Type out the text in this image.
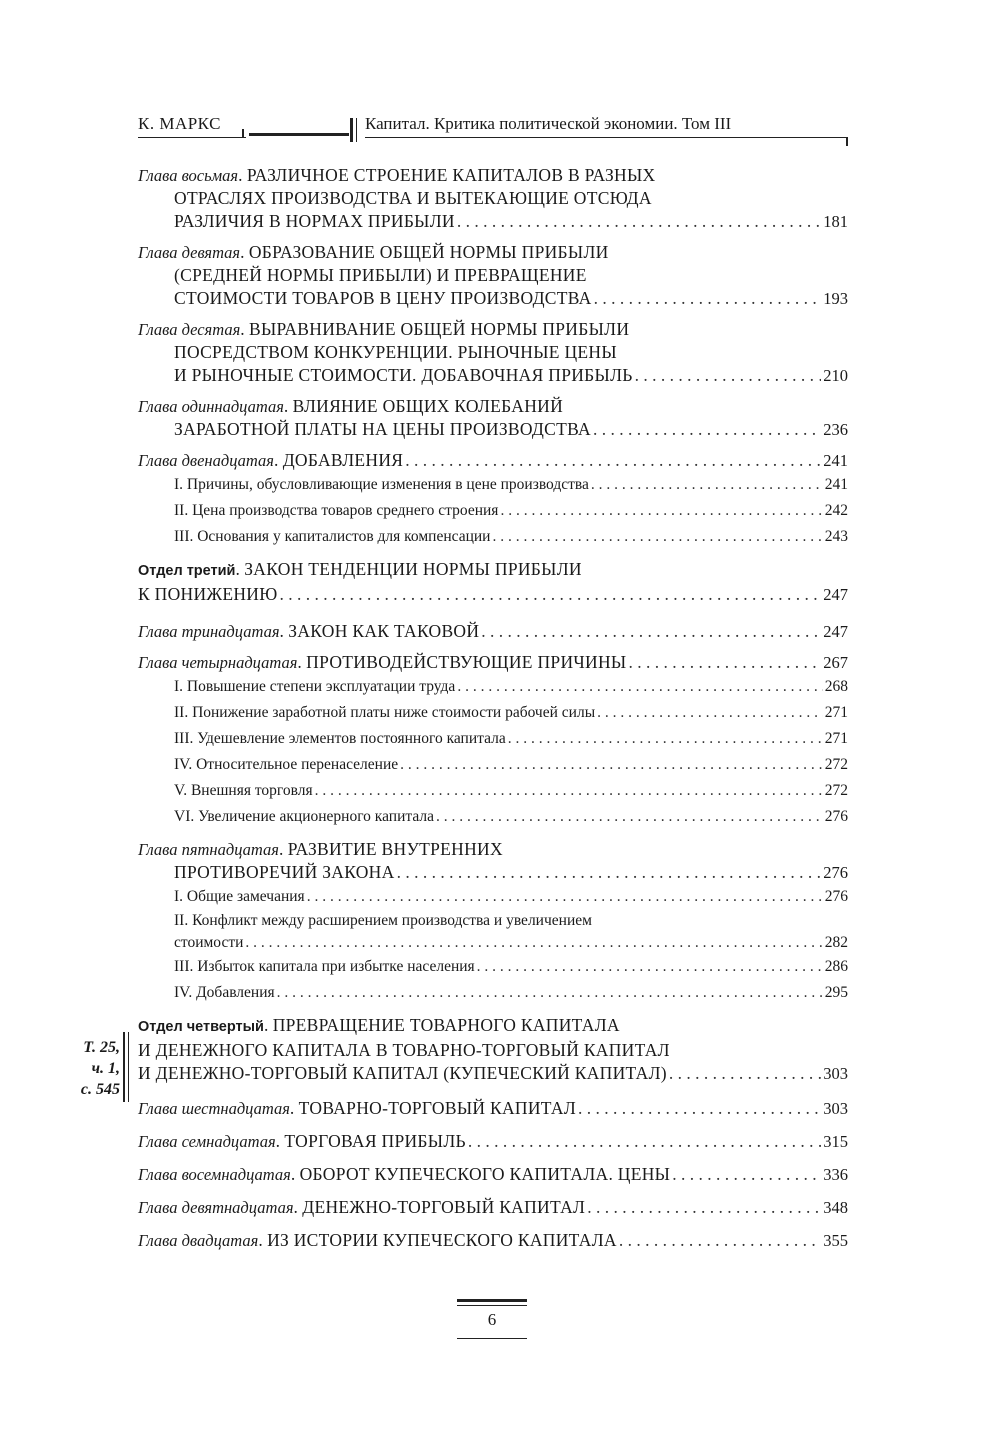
К. МАРКС	Капитал. Критика политической экономии. Том III
Т. 25,
ч. 1,
с. 545
Глава восьмая. РАЗЛИЧНОЕ СТРОЕНИЕ КАПИТАЛОВ В РАЗНЫХ
ОТРАСЛЯХ ПРОИЗВОДСТВА И ВЫТЕКАЮЩИЕ ОТСЮДА
РАЗЛИЧИЯ В НОРМАХ ПРИБЫЛИ . . .	181
Глава девятая. ОБРАЗОВАНИЕ ОБЩЕЙ НОРМЫ ПРИБЫЛИ
(СРЕДНЕЙ НОРМЫ ПРИБЫЛИ) И ПРЕВРАЩЕНИЕ
СТОИМОСТИ ТОВАРОВ В ЦЕНУ ПРОИЗВОДСТВА . . .	193
Глава десятая. ВЫРАВНИВАНИЕ ОБЩЕЙ НОРМЫ ПРИБЫЛИ
ПОСРЕДСТВОМ КОНКУРЕНЦИИ. РЫНОЧНЫЕ ЦЕНЫ
И РЫНОЧНЫЕ СТОИМОСТИ. ДОБАВОЧНАЯ ПРИБЫЛЬ . . .	210
Глава одиннадцатая. ВЛИЯНИЕ ОБЩИХ КОЛЕБАНИЙ
ЗАРАБОТНОЙ ПЛАТЫ НА ЦЕНЫ ПРОИЗВОДСТВА . . .	236
Глава двенадцатая . ДОБАВЛЕНИЯ . . .	241
I. Причины, обусловливающие изменения в цене производства . . .	241
II. Цена производства товаров среднего строения . . .	242
III. Основания у капиталистов для компенсации . . .	243
Отдел третий. ЗАКОН ТЕНДЕНЦИИ НОРМЫ ПРИБЫЛИ
К ПОНИЖЕНИЮ . . .	247
Глава тринадцатая . ЗАКОН КАК ТАКОВОЙ . . .	247
Глава четырнадцатая . ПРОТИВОДЕЙСТВУЮЩИЕ ПРИЧИНЫ . . .	267
I. Повышение степени эксплуатации труда . . .	268
II. Понижение заработной платы ниже стоимости рабочей силы . . .	271
III. Удешевление элементов постоянного капитала . . .	271
IV. Относительное перенаселение . . .	272
V. Внешняя торговля . . .	272
VI. Увеличение акционерного капитала . . .	276
Глава пятнадцатая. РАЗВИТИЕ ВНУТРЕННИХ
ПРОТИВОРЕЧИЙ ЗАКОНА . . .	276
I. Общие замечания . . .	276
II. Конфликт между расширением производства и увеличением
стоимости . . .	282
III. Избыток капитала при избытке населения . . .	286
IV. Добавления . . .	295
Отдел четвертый. ПРЕВРАЩЕНИЕ ТОВАРНОГО КАПИТАЛА
И ДЕНЕЖНОГО КАПИТАЛА В ТОВАРНО-ТОРГОВЫЙ КАПИТАЛ
И ДЕНЕЖНО-ТОРГОВЫЙ КАПИТАЛ (КУПЕЧЕСКИЙ КАПИТАЛ) . . .	303
Глава шестнадцатая . ТОВАРНО-ТОРГОВЫЙ КАПИТАЛ . . .	303
Глава семнадцатая . ТОРГОВАЯ ПРИБЫЛЬ . . .	315
Глава восемнадцатая . ОБОРОТ КУПЕЧЕСКОГО КАПИТАЛА. ЦЕНЫ . . .	336
Глава девятнадцатая . ДЕНЕЖНО-ТОРГОВЫЙ КАПИТАЛ . . .	348
Глава двадцатая . ИЗ ИСТОРИИ КУПЕЧЕСКОГО КАПИТАЛА . . .	355
6
